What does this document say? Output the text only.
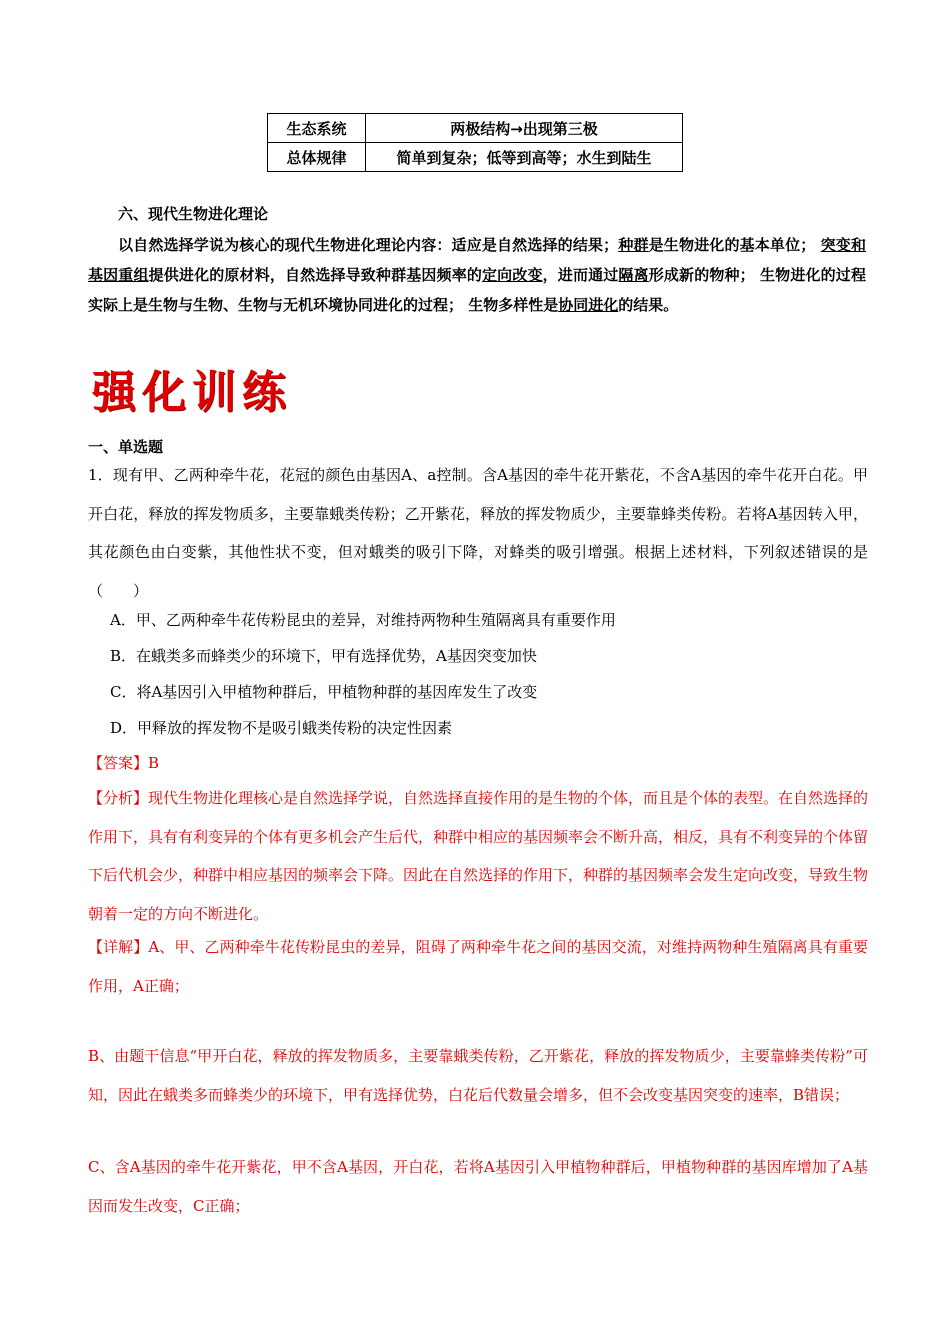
生态系统	两极结构→出现第三极
总体规律	简单到复杂；低等到高等；水生到陆生
六、现代生物进化理论
以自然选择学说为核心的现代生物进化理论内容：适应是自然选择的结果；种群是生物进化的基本单位； 突变和基因重组提供进化的原材料，自然选择导致种群基因频率的定向改变，进而通过隔离形成新的物种； 生物进化的过程实际上是生物与生物、生物与无机环境协同进化的过程； 生物多样性是协同进化的结果。
强化训练
一、单选题
1．现有甲、乙两种牵牛花，花冠的颜色由基因A、a控制。含A基因的牵牛花开紫花，不含A基因的牵牛花开白花。甲开白花，释放的挥发物质多，主要靠蛾类传粉；乙开紫花，释放的挥发物质少，主要靠蜂类传粉。若将A基因转入甲，其花颜色由白变紫，其他性状不变，但对蛾类的吸引下降，对蜂类的吸引增强。根据上述材料，下列叙述错误的是（　　）
A．甲、乙两种牵牛花传粉昆虫的差异，对维持两物种生殖隔离具有重要作用
B．在蛾类多而蜂类少的环境下，甲有选择优势，A基因突变加快
C．将A基因引入甲植物种群后，甲植物种群的基因库发生了改变
D．甲释放的挥发物不是吸引蛾类传粉的决定性因素
【答案】B
【分析】现代生物进化理核心是自然选择学说，自然选择直接作用的是生物的个体，而且是个体的表型。在自然选择的作用下，具有有利变异的个体有更多机会产生后代，种群中相应的基因频率会不断升高，相反，具有不利变异的个体留下后代机会少，种群中相应基因的频率会下降。因此在自然选择的作用下，种群的基因频率会发生定向改变，导致生物朝着一定的方向不断进化。
【详解】A、甲、乙两种牵牛花传粉昆虫的差异，阻碍了两种牵牛花之间的基因交流，对维持两物种生殖隔离具有重要作用，A正确；
B、由题干信息“甲开白花，释放的挥发物质多，主要靠蛾类传粉，乙开紫花，释放的挥发物质少，主要靠蜂类传粉”可知，因此在蛾类多而蜂类少的环境下，甲有选择优势，白花后代数量会增多，但不会改变基因突变的速率，B错误；
C、含A基因的牵牛花开紫花，甲不含A基因，开白花，若将A基因引入甲植物种群后，甲植物种群的基因库增加了A基因而发生改变，C正确；
